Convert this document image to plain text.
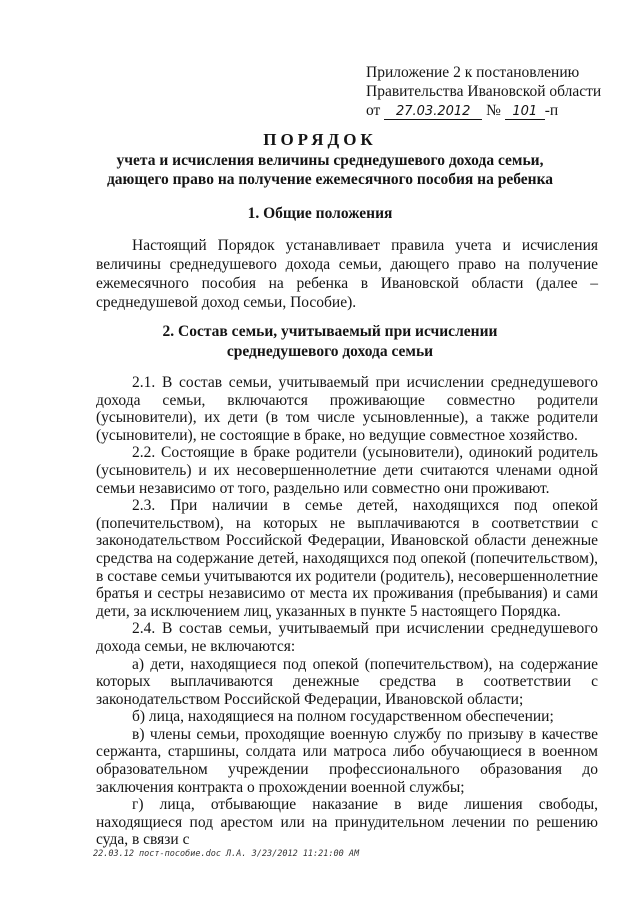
Приложение 2 к постановлению
Правительства Ивановской области
от 27.03.2012 № 101 -п
ПОРЯДОК
учета и исчисления величины среднедушевого дохода семьи, дающего право на получение ежемесячного пособия на ребенка
1. Общие положения

Настоящий Порядок устанавливает правила учета и исчисления величины среднедушевого дохода семьи, дающего право на получение ежемесячного пособия на ребенка в Ивановской области (далее – среднедушевой доход семьи, Пособие).

2. Состав семьи, учитываемый при исчислении среднедушевого дохода семьи

2.1. В состав семьи, учитываемый при исчислении среднедушевого дохода семьи, включаются проживающие совместно родители (усыновители), их дети (в том числе усыновленные), а также родители (усыновители), не состоящие в браке, но ведущие совместное хозяйство.

2.2. Состоящие в браке родители (усыновители), одинокий родитель (усыновитель) и их несовершеннолетние дети считаются членами одной семьи независимо от того, раздельно или совместно они проживают.

2.3. При наличии в семье детей, находящихся под опекой (попечительством), на которых не выплачиваются в соответствии с законодательством Российской Федерации, Ивановской области денежные средства на содержание детей, находящихся под опекой (попечительством), в составе семьи учитываются их родители (родитель), несовершеннолетние братья и сестры независимо от места их проживания (пребывания) и сами дети, за исключением лиц, указанных в пункте 5 настоящего Порядка.

2.4. В состав семьи, учитываемый при исчислении среднедушевого дохода семьи, не включаются:

а) дети, находящиеся под опекой (попечительством), на содержание которых выплачиваются денежные средства в соответствии с законодательством Российской Федерации, Ивановской области;

б) лица, находящиеся на полном государственном обеспечении;

в) члены семьи, проходящие военную службу по призыву в качестве сержанта, старшины, солдата или матроса либо обучающиеся в военном образовательном учреждении профессионального образования до заключения контракта о прохождении военной службы;

г) лица, отбывающие наказание в виде лишения свободы, находящиеся под арестом или на принудительном лечении по решению суда, в связи с

22.03.12 пост-пособие.doc Л.А. 3/23/2012 11:21:00 AM
